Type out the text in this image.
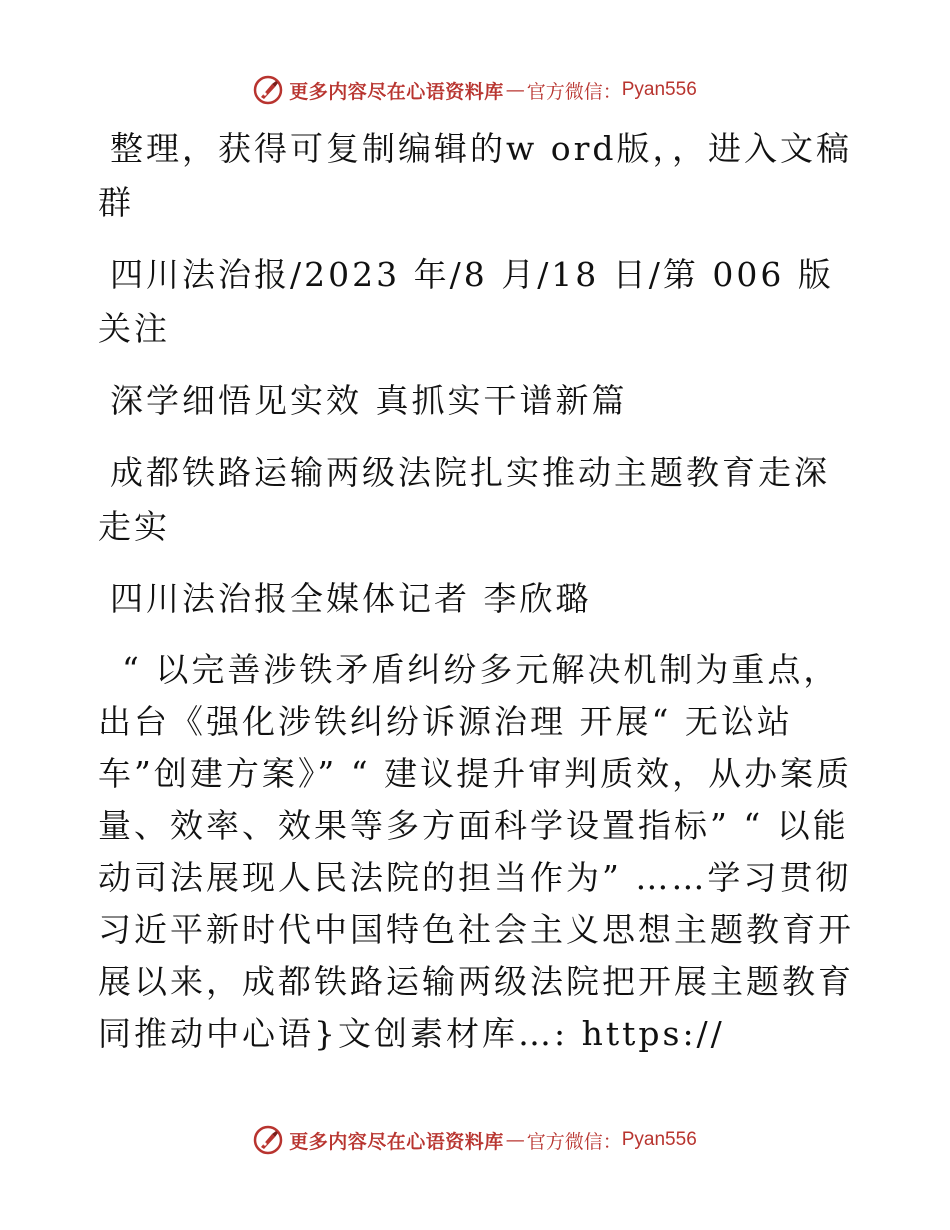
更多内容尽在心语资料库 — 官方微信： Pyan556

整理，获得可复制编辑的w ord版，，进入文稿群

四川法治报/2023 年/8 月/18 日/第 006 版关注

深学细悟见实效 真抓实干谱新篇

成都铁路运输两级法院扎实推动主题教育走深走实

四川法治报全媒体记者 李欣璐

“ 以完善涉铁矛盾纠纷多元解决机制为重点，出台《强化涉铁纠纷诉源治理 开展“ 无讼站车”创建方案》” “ 建议提升审判质效，从办案质量、效率、效果等多方面科学设置指标” “ 以能动司法展现人民法院的担当作为” ……学习贯彻习近平新时代中国特色社会主义思想主题教育开展以来，成都铁路运输两级法院把开展主题教育同推动中心语}文创素材库…: https://

更多内容尽在心语资料库 — 官方微信： Pyan556
